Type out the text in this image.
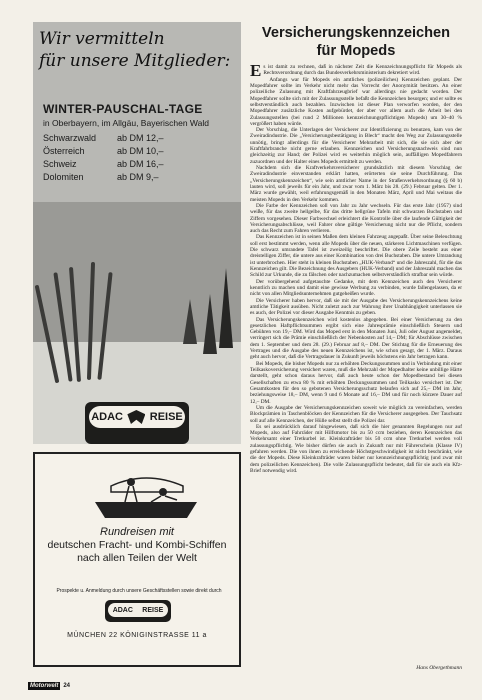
Wir vermitteln
für unsere Mitglieder:
WINTER-PAUSCHAL-TAGE
in Oberbayern, im Allgäu, Bayerischen Wald
Schwarzwald	ab DM 12,–
Österreich	ab DM 10,–
Schweiz	ab DM 16,–
Dolomiten	ab DM 9,–
ADAC REISE
Rundreisen mit
deutschen Fracht- und Kombi-Schiffen
nach allen Teilen der Welt
Prospekte u. Anmeldung durch unsere Geschäftsstellen sowie direkt durch
ADAC REISE
MÜNCHEN 22 KÖNIGINSTRASSE 11 a
Versicherungskennzeichen
für Mopeds

Es ist damit zu rechnen, daß in nächster Zeit die Kennzeichnungspflicht für Mopeds als Rechtsverordnung durch das Bundesverkehrsministerium dekretiert wird.

Anfangs war für Mopeds ein amtliches (polizeiliches) Kennzeichen geplant. Der Mopedfahrer sollte im Verkehr nicht mehr das Vorrecht der Anonymität besitzen. An einer polizeiliche Zulassung mit Kraftfahrzeugbrief war allerdings nie gedacht worden. Der Mopedfahrer sollte sich mit der Zulassungsstelle befaßt die Kennzeichen besorgen; und er sollte es selbstverständlich auch bezahlen. Inzwischen ist dieser Plan verworfen worden, der den Mopedfahrer zusätzliche Kosten aufgebürdet, der aber vor allem auch die Arbeit bei den Zulassungsstellen (bei rund 2 Millionen kennzeichnungspflichtigen Mopeds) um 30–40 % vergrößert haben würde.

Der Vorschlag, die Unterlagen der Versicherer zur Identifizierung zu benutzen, kam von der Zweiradindustrie. Die „Versicherungsbestätigung in Blech“ macht den Weg zur Zulassungsstelle unnötig, bringt allerdings für die Versicherer Mehrarbeit mit sich, die sie sich aber der Kraftfahrbranche nicht gerne erlauben. Kennzeichen und Versicherungsnachweis sind nun gleichzeitig zur Hand; der Polizei wird es weiterhin möglich sein, auffälligen Mopedfahrern zuzuordnen und der Halter eines Mopeds ermittelt zu werden.

Nachdem sich die Kraftverkehrsversicherer grundsätzlich mit diesem Vorschlag der Zweiradindustrie einverstanden erklärt hatten, erörterten sie seine Durchführung. Das „Versicherungskennzeichen“, wie sein amtlicher Name in der Straßenverkehrsordnung (§ 60 b) lauten wird, soll jeweils für ein Jahr, und zwar vom 1. März bis 28. (29.) Februar gelten. Der 1. März wurde gewählt, weil erfahrungsgemäß in den Monaten März, April und Mai weitaus die meisten Mopeds in den Verkehr kommen.

Die Farbe der Kennzeichen soll von Jahr zu Jahr wechseln. Für das erste Jahr (1957) sind weiße, für das zweite hellgelbe, für das dritte hellgrüne Tafeln mit schwarzen Buchstaben und Ziffern vorgesehen. Dieser Farbwechsel erleichtert die Kontrolle über die laufende Gültigkeit der Versicherungsabschlüsse, weil Fahrer ohne gültige Versicherung nicht nur die Pflicht, sondern auch das Recht zum Fahren verlieren.

Das Kennzeichen ist in seinen Maßen dem kleinen Fahrzeug angepaßt. Über seine Beleuchtung soll erst bestimmt werden, wenn alle Mopeds über die neuen, stärkeren Lichtmaschinen verfügen. Die schwarz umrandete Tafel ist zweizeilig beschriftet. Die obere Zeile besteht aus einer dreistelligen Ziffer, die untere aus einer Kombination von drei Buchstaben. Die untere Umrandung ist unterbrochen. Hier steht in kleinen Buchstaben „HUK-Verband“ und die Jahreszahl, für die das Kennzeichen gilt. Die Bezeichnung des Ausgebers (HUK-Verband) und der Jahreszahl machen das Schild zur Urkunde, die zu fälschen oder nachzumachen selbstverständlich strafbar sein würde.

Der vorübergehend aufgetauchte Gedanke, mit dem Kennzeichen auch den Versicherer kenntlich zu machen und damit eine gewisse Werbung zu verbinden, wurde fallengelassen, da er nicht von allen Mitgliedsunternehmen gutgeheißen wurde.

Die Versicherer haben hervor, daß sie mit der Ausgabe des Versicherungskennzeichens keine amtliche Tätigkeit ausüben. Nicht zuletzt auch zur Wahrung ihrer Unabhängigkeit unterlassen sie es auch, der Polizei vor dieser Ausgabe Kenntnis zu geben.

Das Versicherungskennzeichen wird kostenlos abgegeben. Bei einer Versicherung zu den gesetzlichen Haftpflichtsummen ergibt sich eine Jahresprämie einschließlich Steuern und Gebühren von 19,– DM. Wird das Moped erst in den Monaten Juni, Juli oder August angemeldet, verringert sich die Prämie einschließlich der Nebenkosten auf 14,– DM; für Abschlüsse zwischen dem 1. September und dem 28. (29.) Februar auf 8,– DM. Der Stichtag für die Erneuerung des Vertrages und die Ausgabe des neuen Kennzeichens ist, wie schon gesagt, der 1. März. Daraus geht auch hervor, daß die Vertragsdauer in Zukunft jeweils höchstens ein Jahr betragen kann.

Bei Mopeds, die bisher Mopeds nur zu erhöhten Deckungssummen und in Verbindung mit einer Teilkaskoversicherung versichert waren, muß die Mehrzahl der Mopedhalter keine unbillige Härte darstellt, geht schon daraus hervor, daß auch heute schon der Mopedbestand bei diesen Gesellschaften zu etwa 80 % mit erhöhten Deckungssummen und Teilkasko versichert ist. Der Gesamtkosten für den so gebotenen Versicherungsschutz belaufen sich auf 25,– DM im Jahr, beziehungsweise 18,– DM, wenn 9 und 6 Monate auf 16,– DM und für noch kürzere Dauer auf 12,– DM.

Um die Ausgabe der Versicherungskennzeichen soweit wie möglich zu vereinfachen, werden Blockprämien in Taschenblöcken der Kennzeichen für die Versicherer ausgegeben. Der Tauchsatz soll auf alle Kennzeichen, der Hülle selbst stellt die Polizei dar.

Es sei ausdrücklich darauf hingewiesen, daß sich die hier genannten Regelungen nur auf Mopeds, also auf Fahrräder mit Hilfsmotor bis zu 50 ccm beziehen, deren Kennzeichen das Verkehrsamt einer Tretkurbel ist. Kleinkrafträder bis 50 ccm ohne Tretkurbel werden voll zulassungspflichtig. Wie bisher dürfen sie auch in Zukunft nur mit Führerschein (Klasse IV) gefahren werden. Die von ihnen zu erreichende Höchstgeschwindigkeit ist nicht beschränkt, wie die der Mopeds. Diese Kleinkrafträder waren bisher nur kennzeichnungspflichtig (und zwar mit dem polizeilichen Kennzeichen). Die volle Zulassungspflicht bedeutet, daß für sie auch ein Kfz-Brief notwendig wird.

Hans Obergethmann
Motorwelt 24
